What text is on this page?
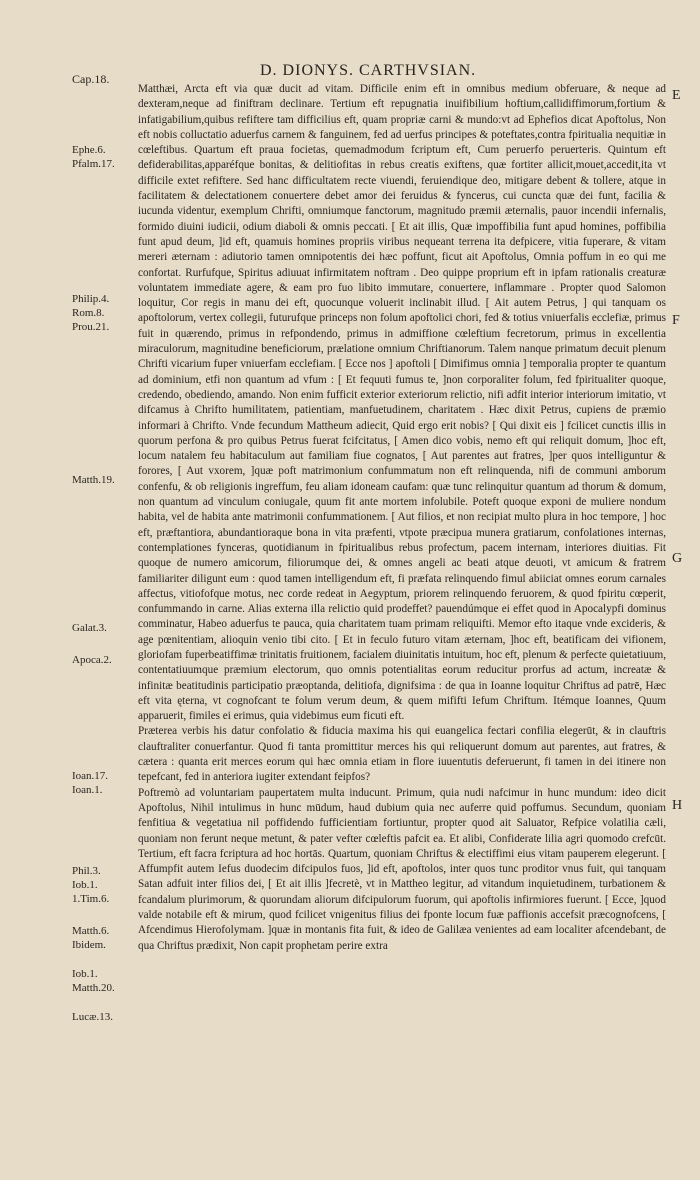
Cap.18.	D. DIONYS. CARTHVSIAN.
E
F
G
H
Ephe.6.
Pfalm.17.
Philip.4.
Rom.8.
Prou.21.
Matth.19.
Galat.3.
Apoca.2.
Ioan.17.
Ioan.1.
Phil.3.
Iob.1.
1.Tim.6.
Matth.6.
Ibidem.
Iob.1.
Matth.20.
Lucæ.13.

Matthæi, Arcta eft via quæ ducit ad vitam. Difficile enim eft in omnibus medium obferuare, & neque ad dexteram,neque ad finiftram declinare. Tertium eft repugnatia inuifibilium hoftium,callidiffimorum,fortium & infatigabilium,quibus refiftere tam difficilius eft, quam propriæ carni & mundo:vt ad Ephefios dicat Apoftolus, Non eft nobis colluctatio aduerfus carnem & fanguinem, fed ad uerfus principes & poteftates,contra fpiritualia nequitiæ in cœleftibus. Quartum eft praua focietas, quemadmodum fcriptum eft, Cum peruerfo peruerteris. Quintum eft defiderabilitas,apparéfque bonitas, & delitiofitas in rebus creatis exiftens, quæ fortiter allicit,mouet,accedit,ita vt difficile extet refiftere. Sed hanc difficultatem recte viuendi, feruiendique deo, mitigare debent & tollere, atque in facilitatem & delectationem conuertere debet amor dei feruidus & fyncerus, cui cuncta quæ dei funt, facilia & iucunda videntur, exemplum Chrifti, omniumque fanctorum, magnitudo præmii æternalis, pauor incendii infernalis, formido diuini iudicii, odium diaboli & omnis peccati. [ Et ait illis, Quæ impoffibilia funt apud homines, poffibilia funt apud deum, ]id eft, quamuis homines propriis viribus nequeant terrena ita defpicere, vitia fuperare, & vitam mereri æternam : adiutorio tamen omnipotentis dei hæc poffunt, ficut ait Apoftolus, Omnia poffum in eo qui me confortat. Rurfufque, Spiritus adiuuat infirmitatem noftram . Deo quippe proprium eft in ipfam rationalis creaturæ voluntatem immediate agere, & eam pro fuo libito immutare, conuertere, inflammare . Propter quod Salomon loquitur, Cor regis in manu dei eft, quocunque voluerit inclinabit illud. [ Ait autem Petrus, ] qui tanquam os apoftolorum, vertex collegii, futurufque princeps non folum apoftolici chori, fed & totius vniuerfalis ecclefiæ, primus fuit in quærendo, primus in refpondendo, primus in admiffione cœleftium fecretorum, primus in excellentia miraculorum, magnitudine beneficiorum, prælatione omnium Chriftianorum. Talem nanque primatum decuit plenum Chrifti vicarium fuper vniuerfam ecclefiam. [ Ecce nos ] apoftoli [ Dimifimus omnia ] temporalia propter te quantum ad dominium, etfi non quantum ad vfum : [ Et fequuti fumus te, ]non corporaliter folum, fed fpiritualiter quoque, credendo, obediendo, amando. Non enim fufficit exterior exteriorum relictio, nifi adfit interior interiorum imitatio, vt difcamus à Chrifto humilitatem, patientiam, manfuetudinem, charitatem . Hæc dixit Petrus, cupiens de præmio informari à Chrifto. Vnde fecundum Mattheum adiecit, Quid ergo erit nobis? [ Qui dixit eis ] fcilicet cunctis illis in quorum perfona & pro quibus Petrus fuerat fcifcitatus, [ Amen dico vobis, nemo eft qui reliquit domum, ]hoc eft, locum natalem feu habitaculum aut familiam fiue cognatos, [ Aut parentes aut fratres, ]per quos intelliguntur & forores, [ Aut vxorem, ]quæ poft matrimonium confummatum non eft relinquenda, nifi de communi amborum confenfu, & ob religionis ingreffum, feu aliam idoneam caufam: quæ tunc relinquitur quantum ad thorum & domum, non quantum ad vinculum coniugale, quum fit ante mortem infolubile. Poteft quoque exponi de muliere nondum habita, vel de habita ante matrimonii confummationem. [ Aut filios, et non recipiat multo plura in hoc tempore, ] hoc eft, præftantiora, abundantioraque bona in vita præfenti, vtpote præcipua munera gratiarum, confolationes internas, contemplationes fynceras, quotidianum in fpiritualibus rebus profectum, pacem internam, interiores diuitias. Fit quoque de numero amicorum, filiorumque dei, & omnes angeli ac beati atque deuoti, vt amicum & fratrem familiariter diligunt eum : quod tamen intelligendum eft, fi præfata relinquendo fimul abiiciat omnes eorum carnales affectus, vitiofofque motus, nec corde redeat in Aegyptum, priorem relinquendo feruorem, & quod fpiritu cœperit, confummando in carne. Alias externa illa relictio quid prodeffet? pauendúmque ei effet quod in Apocalypfi dominus comminatur, Habeo aduerfus te pauca, quia charitatem tuam primam reliquifti. Memor efto itaque vnde excideris, & age pœnitentiam, alioquin venio tibi cito. [ Et in feculo futuro vitam æternam, ]hoc eft, beatificam dei vifionem, gloriofam fuperbeatiffimæ trinitatis fruitionem, facialem diuinitatis intuitum, hoc eft, plenum & perfecte quietatiuum, contentatiuumque præmium electorum, quo omnis potentialitas eorum reducitur prorfus ad actum, increatæ & infinitæ beatitudinis participatio præoptanda, delitiofa, dignifsima : de qua in Ioanne loquitur Chriftus ad patrē, Hæc eft vita ęterna, vt cognofcant te folum verum deum, & quem mififti Iefum Chriftum. Itémque Ioannes, Quum apparuerit, fimiles ei erimus, quia videbimus eum ficuti eft.

Præterea verbis his datur confolatio & fiducia maxima his qui euangelica fectari confilia elegerūt, & in clauftris clauftraliter conuerfantur. Quod fi tanta promittitur merces his qui reliquerunt domum aut parentes, aut fratres, & cætera : quanta erit merces eorum qui hæc omnia etiam in flore iuuentutis deferuerunt, fi tamen in dei itinere non tepefcant, fed in anteriora iugiter extendant feipfos?

Poftremò ad voluntariam paupertatem multa inducunt. Primum, quia nudi nafcimur in hunc mundum: ideo dicit Apoftolus, Nihil intulimus in hunc mūdum, haud dubium quia nec auferre quid poffumus. Secundum, quoniam fenfitiua & vegetatiua nil poffidendo fufficientiam fortiuntur, propter quod ait Saluator, Refpice volatilia cæli, quoniam non ferunt neque metunt, & pater vefter cœleftis pafcit ea. Et alibi, Confiderate lilia agri quomodo crefcūt. Tertium, eft facra fcriptura ad hoc hortās. Quartum, quoniam Chriftus & electiffimi eius vitam pauperem elegerunt. [ Affumpfit autem Iefus duodecim difcipulos fuos, ]id eft, apoftolos, inter quos tunc proditor vnus fuit, qui tanquam Satan adfuit inter filios dei, [ Et ait illis ]fecretè, vt in Mattheo legitur, ad vitandum inquietudinem, turbationem & fcandalum plurimorum, & quorundam aliorum difcipulorum fuorum, qui apoftolis infirmiores fuerunt. [ Ecce, ]quod valde notabile eft & mirum, quod fcilicet vnigenitus filius dei fponte locum fuæ paffionis accefsit præcognofcens, [ Afcendimus Hierofolymam. ]quæ in montanis fita fuit, & ideo de Galilæa venientes ad eam localiter afcendebant, de qua Chriftus prædixit, Non capit prophetam perire extra
